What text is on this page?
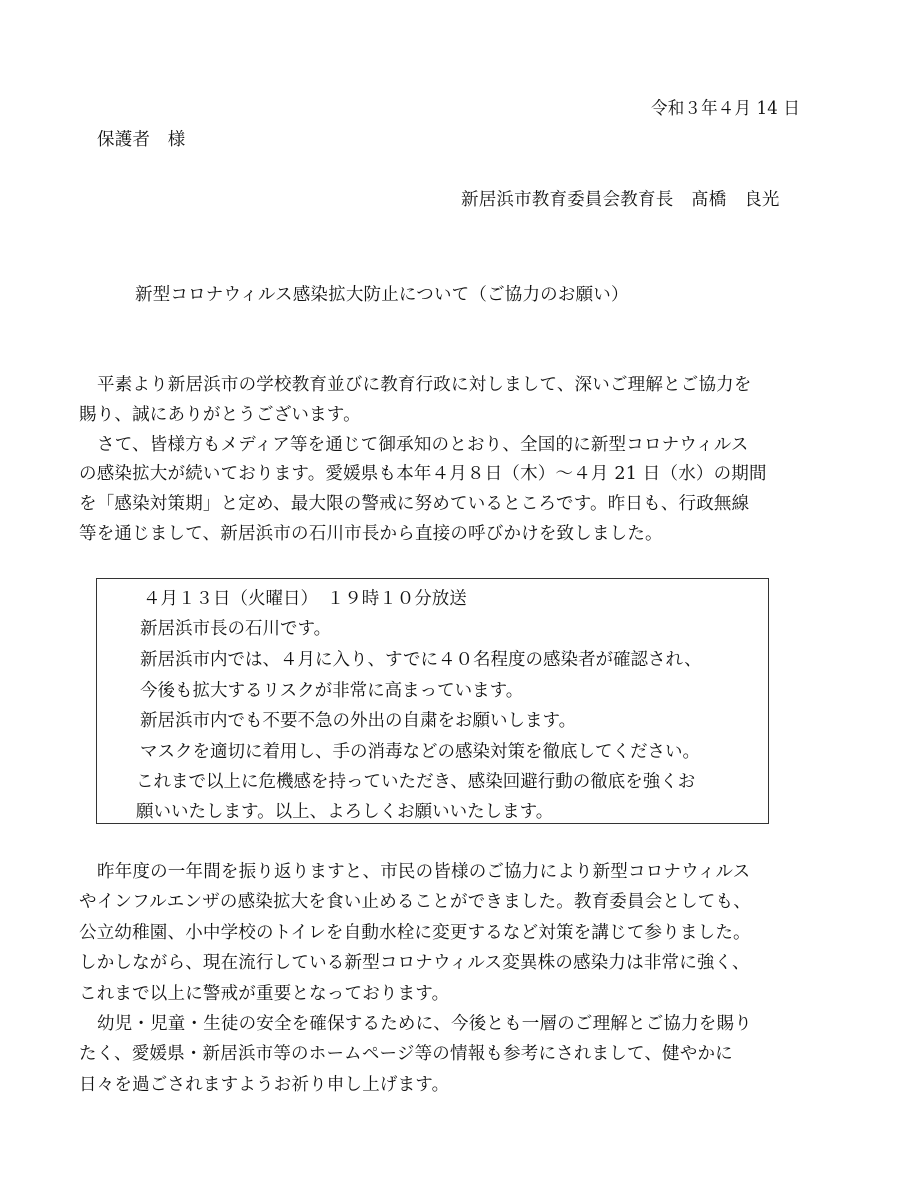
令和３年４月 14 日
保護者　様
新居浜市教育委員会教育長　髙橋　良光
新型コロナウィルス感染拡大防止について（ご協力のお願い）
平素より新居浜市の学校教育並びに教育行政に対しまして、深いご理解とご協力を
賜り、誠にありがとうございます。
さて、皆様方もメディア等を通じて御承知のとおり、全国的に新型コロナウィルス
の感染拡大が続いております。愛媛県も本年４月８日（木）～４月 21 日（水）の期間
を「感染対策期」と定め、最大限の警戒に努めているところです。昨日も、行政無線
等を通じまして、新居浜市の石川市長から直接の呼びかけを致しました。
４月１３日（火曜日）　１９時１０分放送
新居浜市長の石川です。
新居浜市内では、４月に入り、すでに４０名程度の感染者が確認され、
今後も拡大するリスクが非常に高まっています。
新居浜市内でも不要不急の外出の自粛をお願いします。
マスクを適切に着用し、手の消毒などの感染対策を徹底してください。
これまで以上に危機感を持っていただき、感染回避行動の徹底を強くお
願いいたします。以上、よろしくお願いいたします。
昨年度の一年間を振り返りますと、市民の皆様のご協力により新型コロナウィルス
やインフルエンザの感染拡大を食い止めることができました。教育委員会としても、
公立幼稚園、小中学校のトイレを自動水栓に変更するなど対策を講じて参りました。
しかしながら、現在流行している新型コロナウィルス変異株の感染力は非常に強く、
これまで以上に警戒が重要となっております。
幼児・児童・生徒の安全を確保するために、今後とも一層のご理解とご協力を賜り
たく、愛媛県・新居浜市等のホームページ等の情報も参考にされまして、健やかに
日々を過ごされますようお祈り申し上げます。
